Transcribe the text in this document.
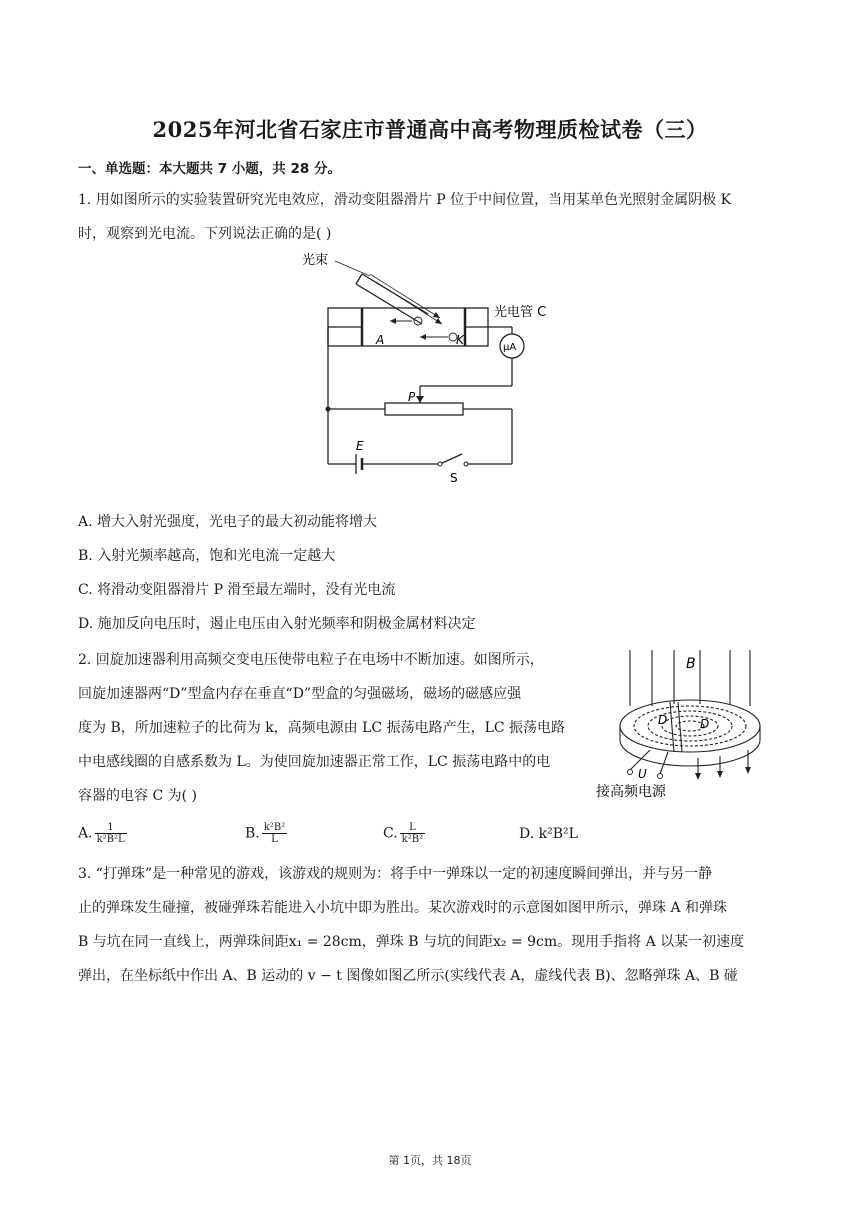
2025年河北省石家庄市普通高中高考物理质检试卷（三）
一、单选题：本大题共 7 小题，共 28 分。
1. 用如图所示的实验装置研究光电效应，滑动变阻器滑片 P 位于中间位置，当用某单色光照射金属阴极 K
时，观察到光电流。下列说法正确的是( )
光束
光电管 C
A	K
μA
P
E
S
A. 增大入射光强度，光电子的最大初动能将增大
B. 入射光频率越高，饱和光电流一定越大
C. 将滑动变阻器滑片 P 滑至最左端时，没有光电流
D. 施加反向电压时，遏止电压由入射光频率和阴极金属材料决定
2. 回旋加速器利用高频交变电压使带电粒子在电场中不断加速。如图所示，
回旋加速器两“D”型盒内存在垂直“D”型盒的匀强磁场，磁场的磁感应强
度为 B，所加速粒子的比荷为 k，高频电源由 LC 振荡电路产生，LC 振荡电路
中电感线圈的自感系数为 L。为使回旋加速器正常工作，LC 振荡电路中的电
容器的电容 C 为( )
B
D	D
U
接高频电源
A. $\frac{1}{\text{k²B²L}}$	B. $\frac{\text{k²B²}}{L}$	C. $\frac{L}{\text{k²B²}}$	D. k²B²L
3. “打弹珠”是一种常见的游戏，该游戏的规则为：将手中一弹珠以一定的初速度瞬间弹出，并与另一静
止的弹珠发生碰撞，被碰弹珠若能进入小坑中即为胜出。某次游戏时的示意图如图甲所示，弹珠 A 和弹珠
B 与坑在同一直线上，两弹珠间距x₁ = 28cm，弹珠 B 与坑的间距x₂ = 9cm。现用手指将 A 以某一初速度
弹出，在坐标纸中作出 A、B 运动的 v − t 图像如图乙所示(实线代表 A，虚线代表 B)、忽略弹珠 A、B 碰
第 1页，共 18页
